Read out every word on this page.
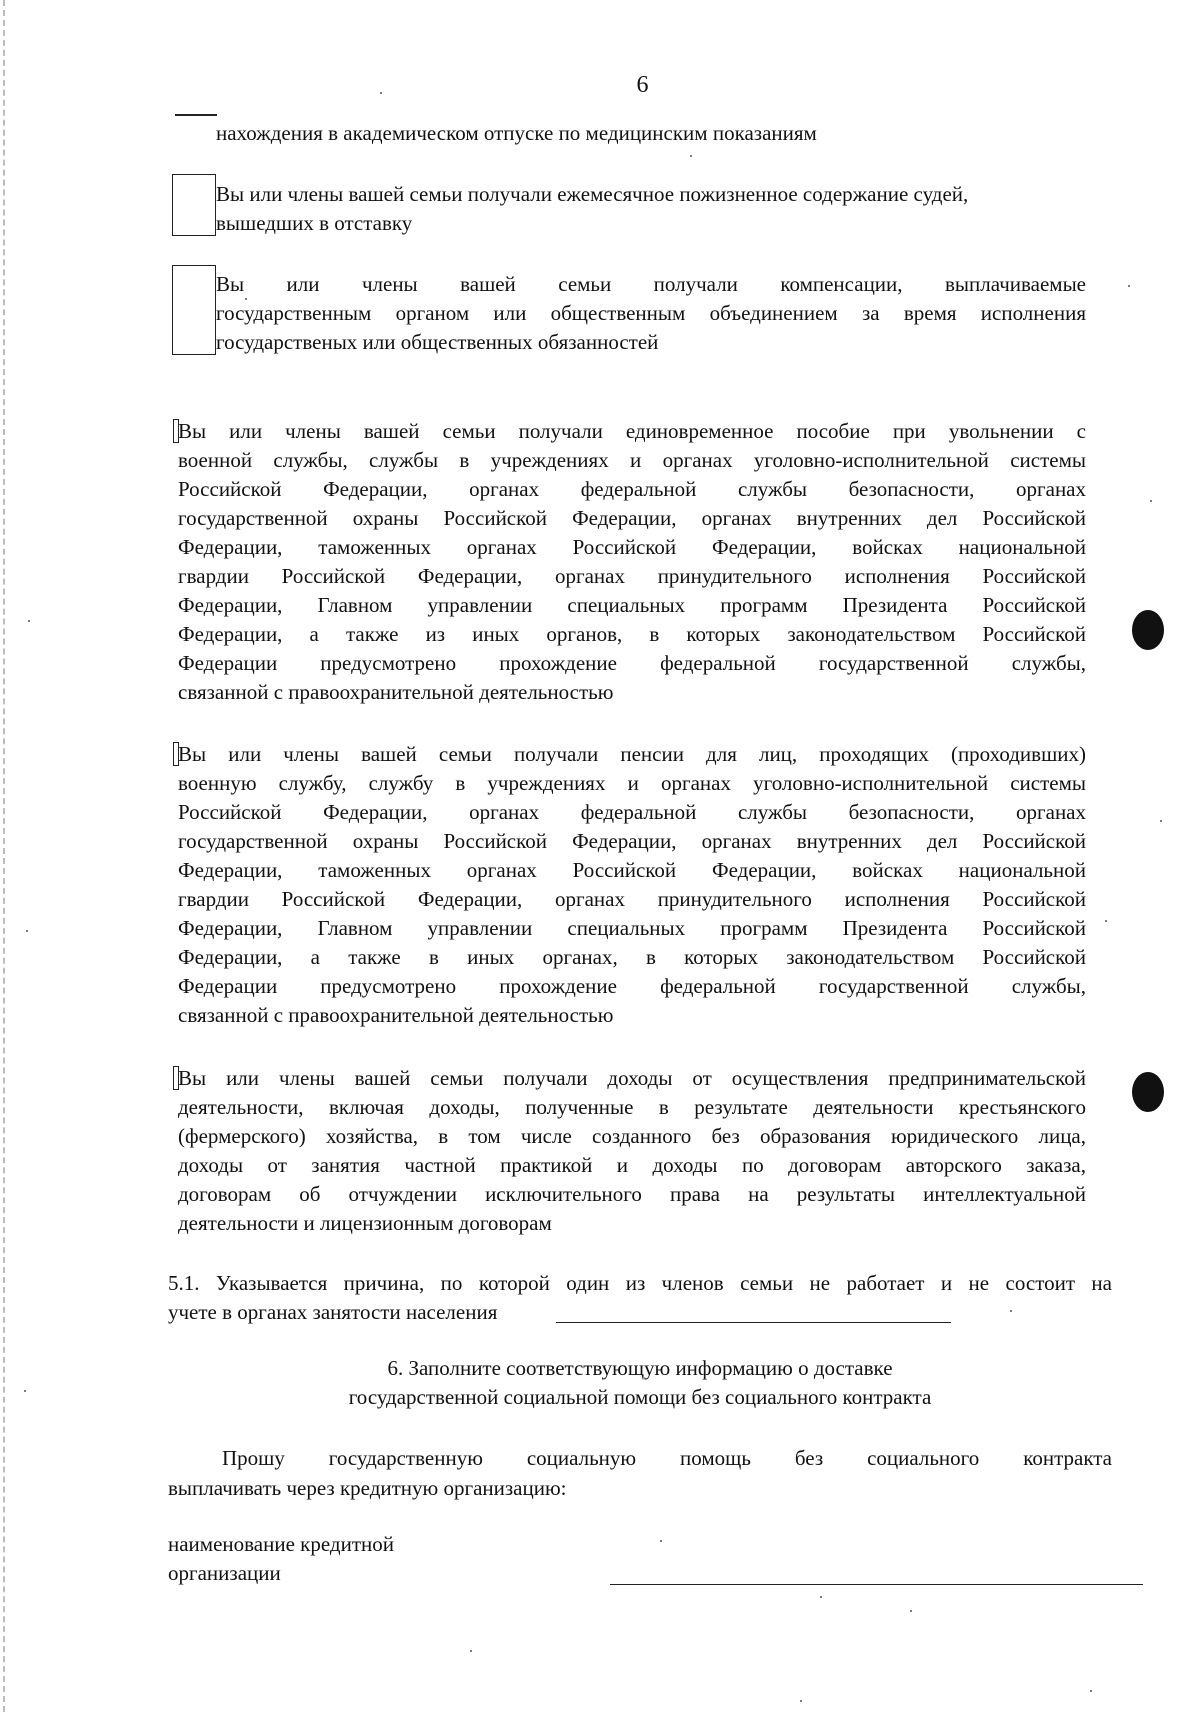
6
нахождения в академическом отпуске по медицинским показаниям
Вы или члены вашей семьи получали ежемесячное пожизненное содержание судей,
вышедших в отставку
Вы или члены вашей семьи получали компенсации, выплачиваемые
государственным органом или общественным объединением за время исполнения
государственых или общественных обязанностей
Вы или члены вашей семьи получали единовременное пособие при увольнении с
военной службы, службы в учреждениях и органах уголовно-исполнительной системы
Российской Федерации, органах федеральной службы безопасности, органах
государственной охраны Российской Федерации, органах внутренних дел Российской
Федерации, таможенных органах Российской Федерации, войсках национальной
гвардии Российской Федерации, органах принудительного исполнения Российской
Федерации, Главном управлении специальных программ Президента Российской
Федерации, а также из иных органов, в которых законодательством Российской
Федерации предусмотрено прохождение федеральной государственной службы,
связанной с правоохранительной деятельностью
Вы или члены вашей семьи получали пенсии для лиц, проходящих (проходивших)
военную службу, службу в учреждениях и органах уголовно-исполнительной системы
Российской Федерации, органах федеральной службы безопасности, органах
государственной охраны Российской Федерации, органах внутренних дел Российской
Федерации, таможенных органах Российской Федерации, войсках национальной
гвардии Российской Федерации, органах принудительного исполнения Российской
Федерации, Главном управлении специальных программ Президента Российской
Федерации, а также в иных органах, в которых законодательством Российской
Федерации предусмотрено прохождение федеральной государственной службы,
связанной с правоохранительной деятельностью
Вы или члены вашей семьи получали доходы от осуществления предпринимательской
деятельности, включая доходы, полученные в результате деятельности крестьянского
(фермерского) хозяйства, в том числе созданного без образования юридического лица,
доходы от занятия частной практикой и доходы по договорам авторского заказа,
договорам об отчуждении исключительного права на результаты интеллектуальной
деятельности и лицензионным договорам
5.1. Указывается причина, по которой один из членов семьи не работает и не состоит на
учете в органах занятости населения
6. Заполните соответствующую информацию о доставке
государственной социальной помощи без социального контракта
Прошу государственную социальную помощь без социального контракта
выплачивать через кредитную организацию:
наименование кредитной
организации
